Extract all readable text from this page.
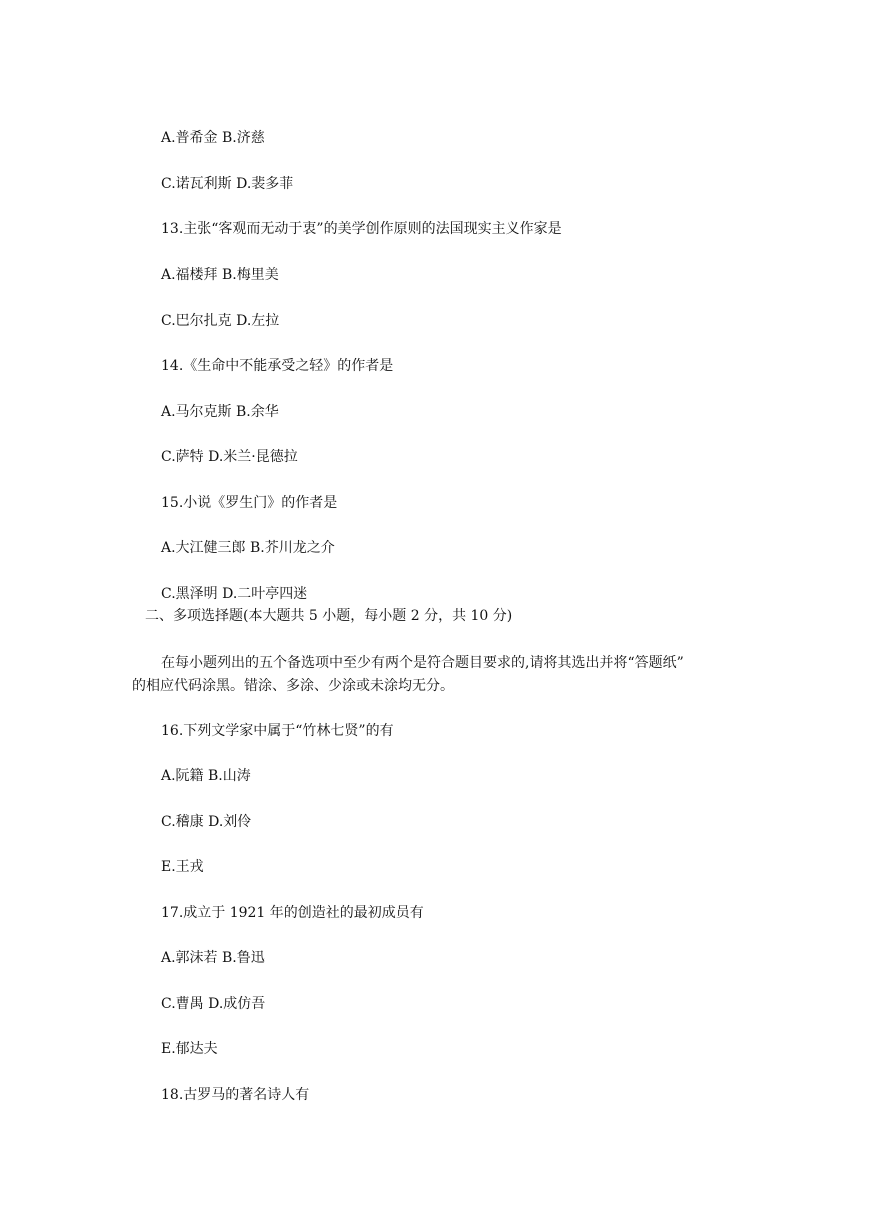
A.普希金 B.济慈
C.诺瓦利斯 D.裴多菲
13.主张“客观而无动于衷”的美学创作原则的法国现实主义作家是
A.福楼拜 B.梅里美
C.巴尔扎克 D.左拉
14.《生命中不能承受之轻》的作者是
A.马尔克斯 B.余华
C.萨特 D.米兰·昆德拉
15.小说《罗生门》的作者是
A.大江健三郎 B.芥川龙之介
C.黑泽明 D.二叶亭四迷
二、多项选择题(本大题共 5 小题，每小题 2 分，共 10 分)
在每小题列出的五个备选项中至少有两个是符合题目要求的,请将其选出并将“答题纸”
的相应代码涂黑。错涂、多涂、少涂或未涂均无分。
16.下列文学家中属于“竹林七贤”的有
A.阮籍 B.山涛
C.稽康 D.刘伶
E.王戎
17.成立于 1921 年的创造社的最初成员有
A.郭沫若 B.鲁迅
C.曹禺 D.成仿吾
E.郁达夫
18.古罗马的著名诗人有
